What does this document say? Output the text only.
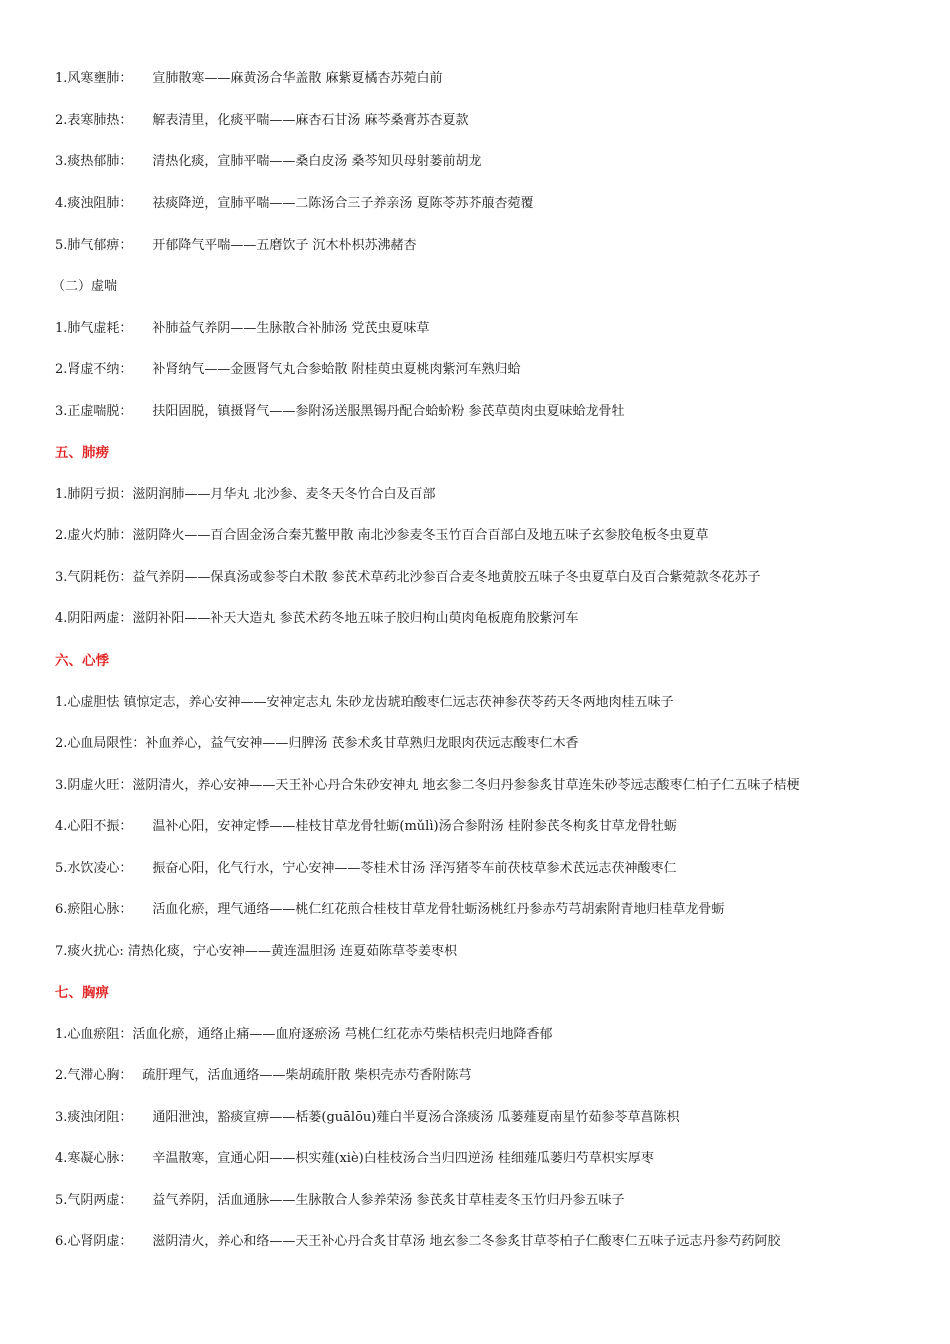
1.风寒壅肺： 宣肺散寒——麻黄汤合华盖散 麻紫夏橘杏苏菀白前
2.表寒肺热： 解表清里，化痰平喘——麻杏石甘汤 麻芩桑膏苏杏夏款
3.痰热郁肺： 清热化痰，宣肺平喘——桑白皮汤 桑芩知贝母射蒌前胡龙
4.痰浊阻肺： 祛痰降逆，宣肺平喘——二陈汤合三子养亲汤 夏陈苓苏芥菔杏菀覆
5.肺气郁痹： 开郁降气平喘——五磨饮子 沉木朴枳苏沸赭杏
（二）虚喘
1.肺气虚耗： 补肺益气养阴——生脉散合补肺汤 党芪虫夏味草
2.肾虚不纳： 补肾纳气——金匮肾气丸合参蛤散 附桂萸虫夏桃肉紫河车熟归蛤
3.正虚喘脱： 扶阳固脱，镇摄肾气——参附汤送服黑锡丹配合蛤蚧粉 参芪草萸肉虫夏味蛤龙骨牡
五、肺痨
1.肺阴亏损：滋阴润肺——月华丸 北沙参、麦冬天冬竹合白及百部
2.虚火灼肺：滋阴降火——百合固金汤合秦艽鳖甲散 南北沙参麦冬玉竹百合百部白及地五味子玄参胶龟板冬虫夏草
3.气阴耗伤：益气养阴——保真汤或参苓白术散 参芪术草药北沙参百合麦冬地黄胶五味子冬虫夏草白及百合紫菀款冬花苏子
4.阴阳两虚：滋阴补阳——补天大造丸 参芪术药冬地五味子胶归枸山萸肉龟板鹿角胶紫河车
六、心悸
1.心虚胆怯 镇惊定志，养心安神——安神定志丸 朱砂龙齿琥珀酸枣仁远志茯神参茯苓药天冬两地肉桂五味子
2.心血局限性：补血养心，益气安神——归脾汤 芪参术炙甘草熟归龙眼肉茯远志酸枣仁木香
3.阴虚火旺：滋阴清火，养心安神——天王补心丹合朱砂安神丸 地玄参二冬归丹参参炙甘草连朱砂苓远志酸枣仁柏子仁五味子桔梗
4.心阳不振： 温补心阳，安神定悸——桂枝甘草龙骨牡蛎(mǔlì)汤合参附汤 桂附参芪冬枸炙甘草龙骨牡蛎
5.水饮凌心： 振奋心阳，化气行水，宁心安神——苓桂术甘汤 泽泻猪苓车前茯枝草参术芪远志茯神酸枣仁
6.瘀阻心脉： 活血化瘀，理气通络——桃仁红花煎合桂枝甘草龙骨牡蛎汤桃红丹参赤芍芎胡索附青地归桂草龙骨蛎
7.痰火扰心: 清热化痰，宁心安神——黄连温胆汤 连夏茹陈草苓姜枣枳
七、胸痹
1.心血瘀阻：活血化瘀，通络止痛——血府逐瘀汤 芎桃仁红花赤芍柴桔枳壳归地降香郁
2.气滞心胸： 疏肝理气，活血通络——柴胡疏肝散 柴枳壳赤芍香附陈芎
3.痰浊闭阻： 通阳泄浊，豁痰宣痹——栝蒌(guālōu)薤白半夏汤合涤痰汤 瓜蒌薤夏南星竹茹参苓草菖陈枳
4.寒凝心脉： 辛温散寒，宣通心阳——枳实薤(xiè)白桂枝汤合当归四逆汤 桂细薤瓜蒌归芍草枳实厚枣
5.气阴两虚： 益气养阴，活血通脉——生脉散合人参养荣汤 参芪炙甘草桂麦冬玉竹归丹参五味子
6.心肾阴虚： 滋阴清火，养心和络——天王补心丹合炙甘草汤 地玄参二冬参炙甘草苓柏子仁酸枣仁五味子远志丹参芍药阿胶
